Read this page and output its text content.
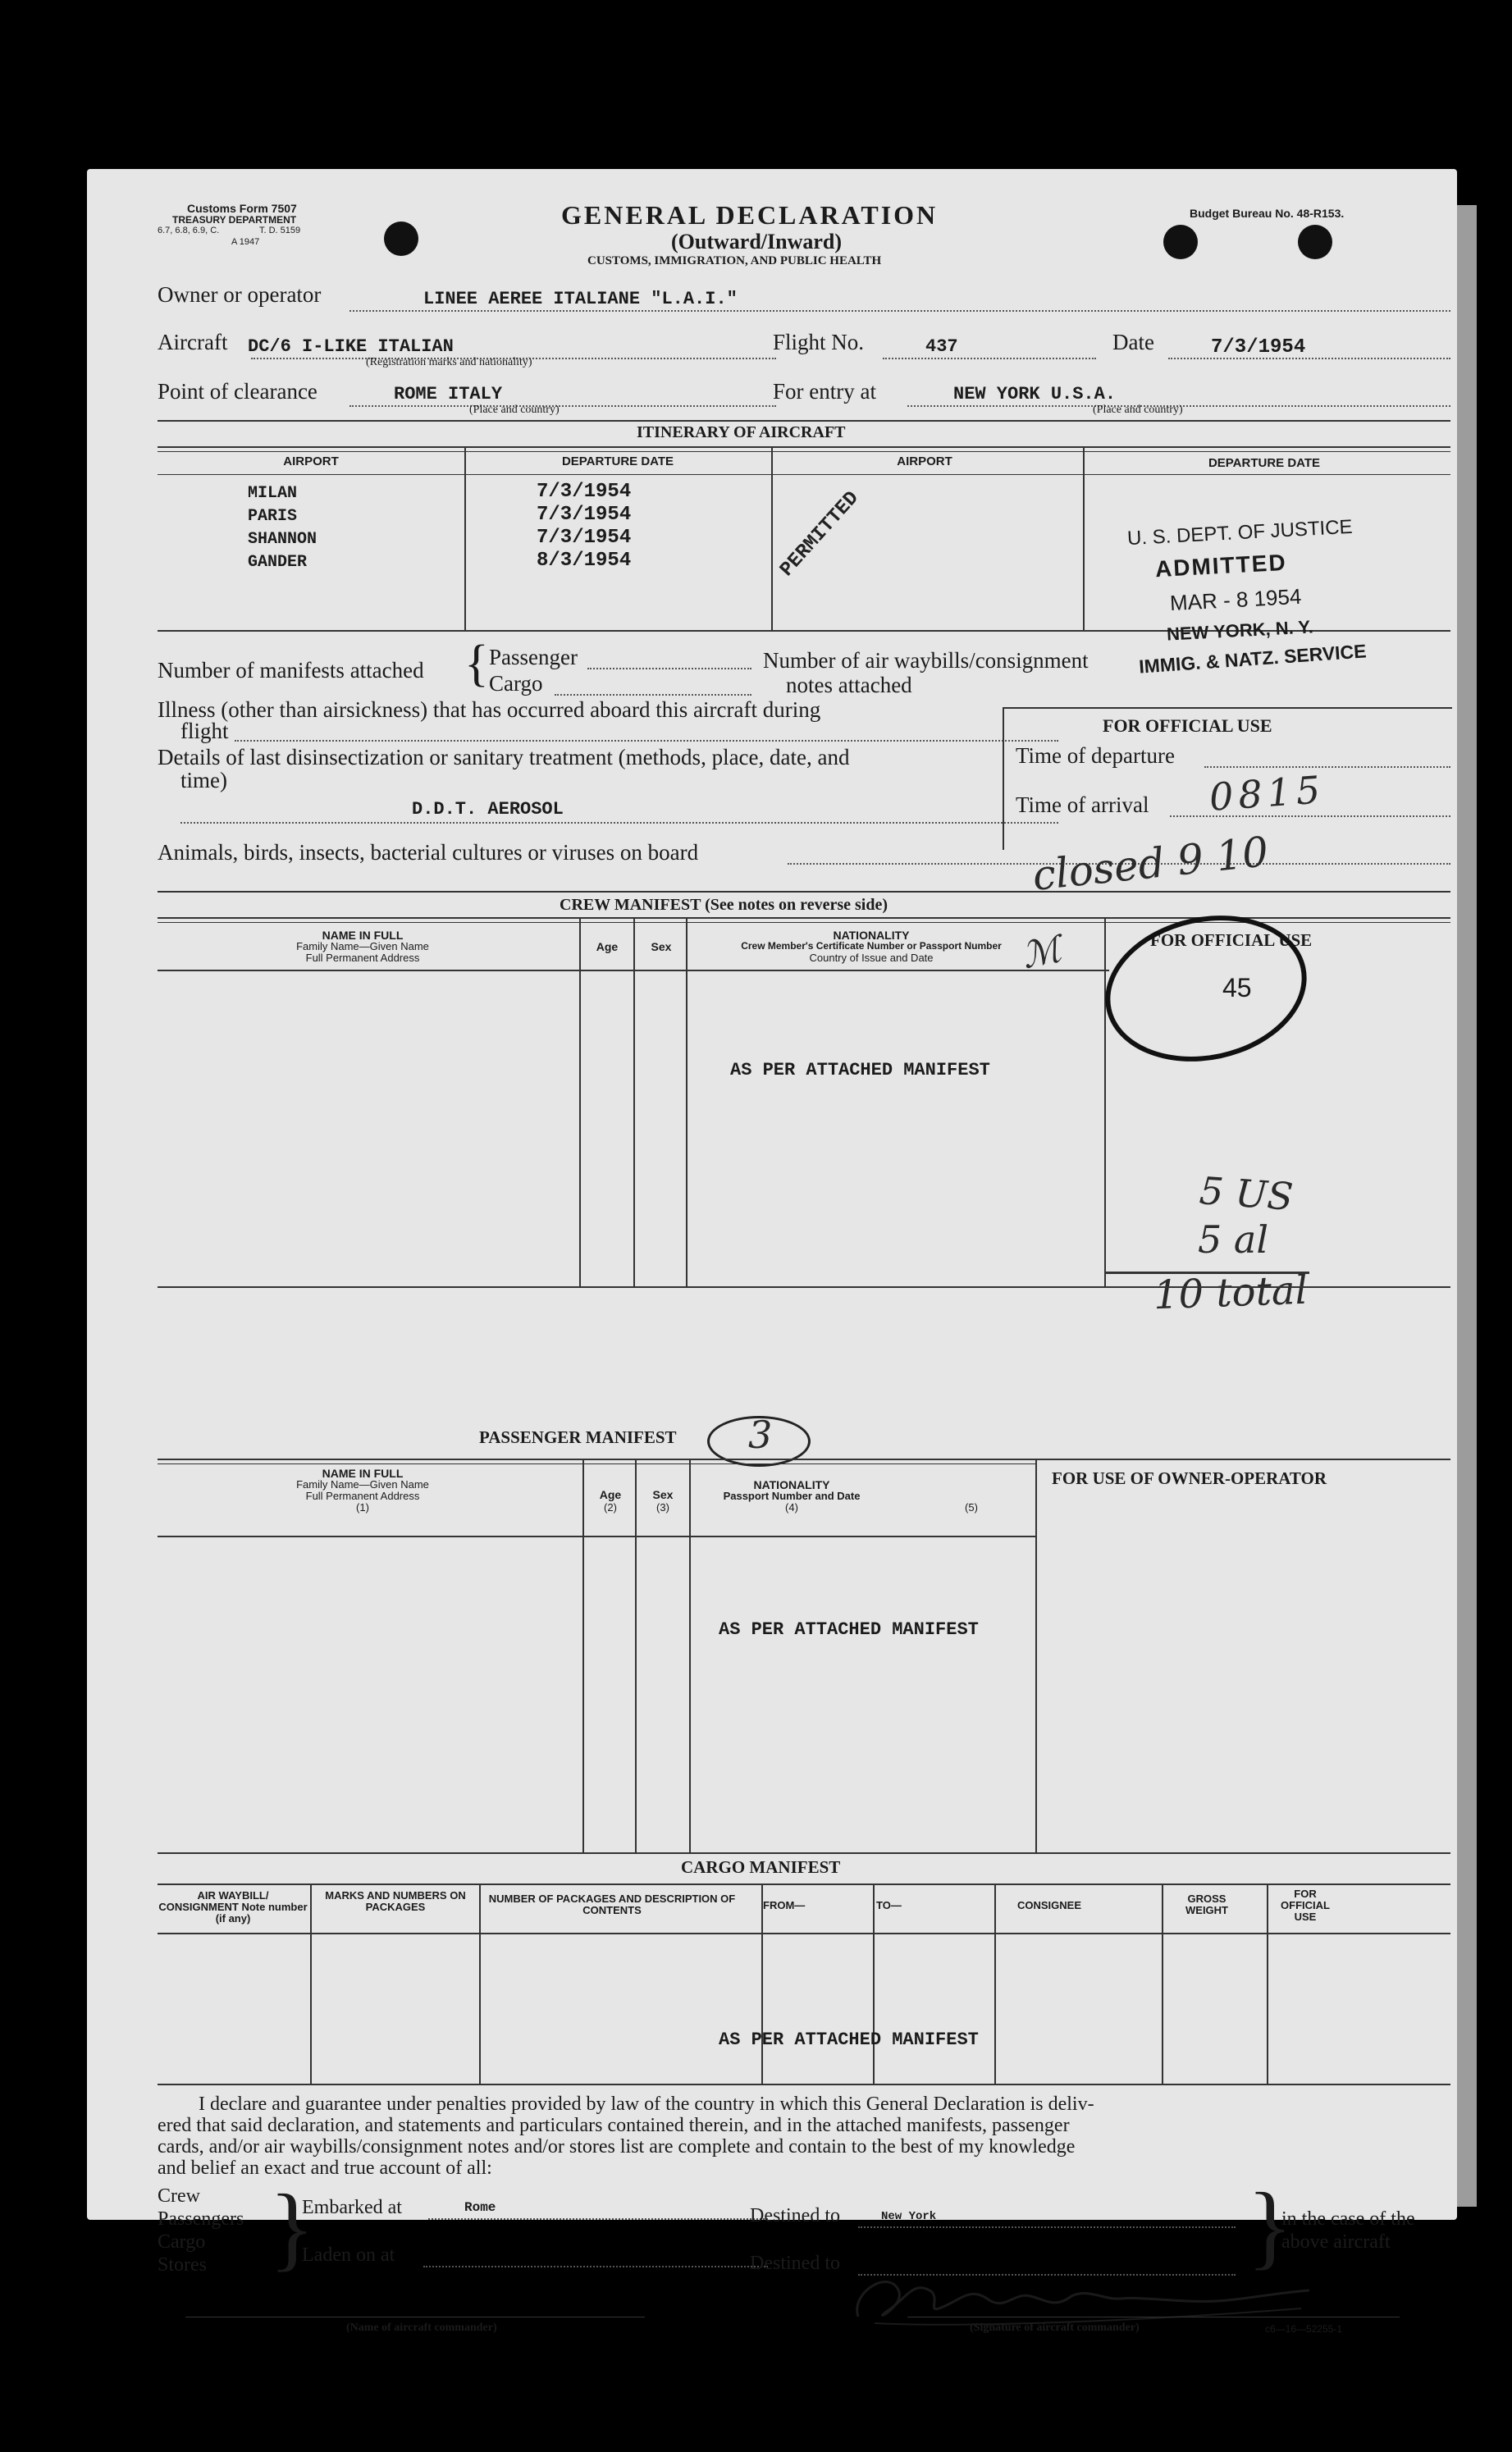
Customs Form 7507
TREASURY DEPARTMENT
6.7, 6.8, 6.9, C.	T. D. 5159
A 1947
GENERAL DECLARATION
(Outward/Inward)
CUSTOMS, IMMIGRATION, AND PUBLIC HEALTH
Budget Bureau No. 48-R153.
Owner or operator	LINEE AEREE ITALIANE "L.A.I."
Aircraft DC/6 I-LIKE ITALIAN
(Registration marks and nationality)
Flight No.	437	Date	7/3/1954
Point of clearance	ROME ITALY
(Place and country)
For entry at	NEW YORK U.S.A.
(Place and country)
ITINERARY OF AIRCRAFT
AIRPORT	DEPARTURE DATE	AIRPORT	DEPARTURE DATE
MILAN	7/3/1954
PARIS	7/3/1954
SHANNON	7/3/1954
GANDER	8/3/1954	PERMITTED	U. S. DEPT. OF JUSTICE
ADMITTED
MAR - 8 1954
NEW YORK, N. Y.
IMMIG. & NATZ. SERVICE
Number of manifests attached { Passenger
Cargo
Number of air waybills/consignment
notes attached
Illness (other than airsickness) that has occurred aboard this aircraft during
flight
Details of last disinsectization or sanitary treatment (methods, place, date, and
time)
D.D.T. AEROSOL
Animals, birds, insects, bacterial cultures or viruses on board
FOR OFFICIAL USE
Time of departure
Time of arrival 0815
closed 9 10
CREW MANIFEST (See notes on reverse side)
NAME IN FULL
Family Name—Given Name
Full Permanent Address
Age	Sex
NATIONALITY
Crew Member's Certificate Number or Passport Number
Country of Issue and Date
FOR OFFICIAL USE
ℳ
45
AS PER ATTACHED MANIFEST
5 US
5 al
10 total
PASSENGER MANIFEST 3
NAME IN FULL
Family Name—Given Name
Full Permanent Address
(1)
Age
(2)
Sex
(3)
NATIONALITY
Passport Number and Date
(4)	(5)
FOR USE OF OWNER-OPERATOR
AS PER ATTACHED MANIFEST
CARGO MANIFEST
AIR WAYBILL/ CONSIGNMENT Note number (if any)
MARKS AND NUMBERS ON PACKAGES
NUMBER OF PACKAGES AND DESCRIPTION OF CONTENTS	FROM—	TO—	CONSIGNEE
GROSS WEIGHT
FOR OFFICIAL USE
AS PER ATTACHED MANIFEST
I declare and guarantee under penalties provided by law of the country in which this General Declaration is deliv-
ered that said declaration, and statements and particulars contained therein, and in the attached manifests, passenger
cards, and/or air waybills/consignment notes and/or stores list are complete and contain to the best of my knowledge
and belief an exact and true account of all:
Crew
Passengers
Cargo
Stores }
Embarked at	Rome
Laden on at
Destined to	New York
Destined to	}
in the case of the
above aircraft
(Name of aircraft commander)	(Signature of aircraft commander)	c6—16—52255-1
